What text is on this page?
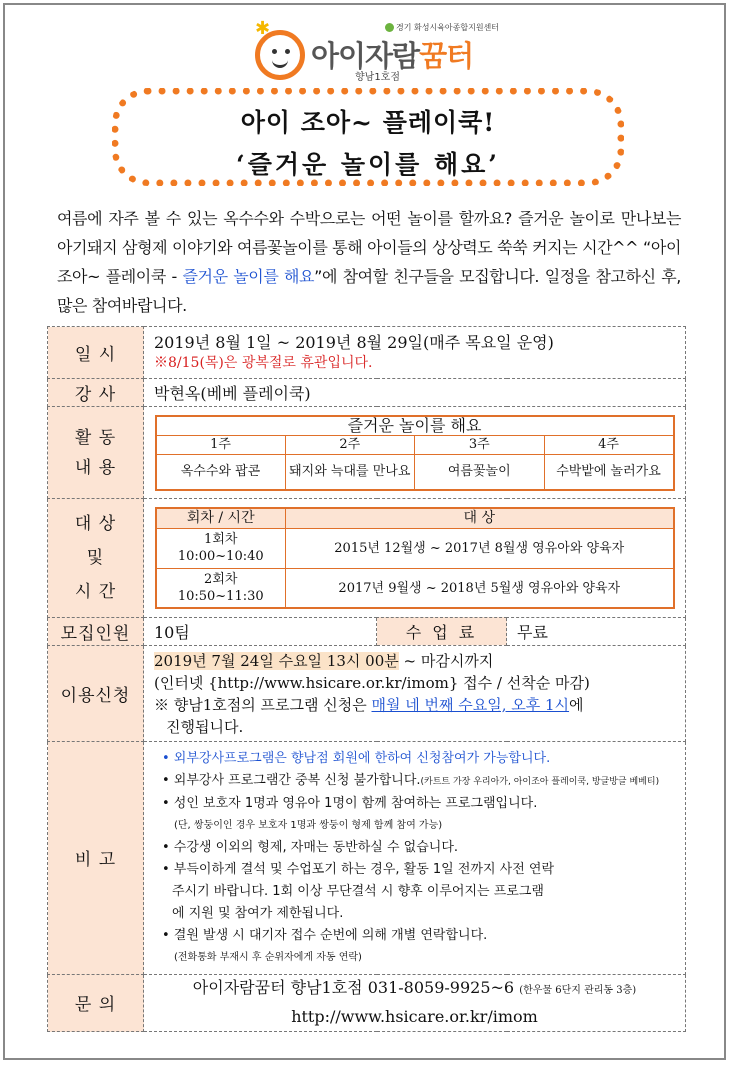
✱	경기 화성시육아종합지원센터
아이자람꿈터
향남1호점
아이 조아~ 플레이쿡!
‘즐거운 놀이를 해요’
여름에 자주 볼 수 있는 옥수수와 수박으로는 어떤 놀이를 할까요? 즐거운 놀이로 만나보는 아기돼지 삼형제 이야기와 여름꽃놀이를 통해 아이들의 상상력도 쑥쑥 커지는 시간^^ “아이 조아~ 플레이쿡 - 즐거운 놀이를 해요”에 참여할 친구들을 모집합니다. 일정을 참고하신 후, 많은 참여바랍니다.
일 시	
2019년 8월 1일 ~ 2019년 8월 29일(매주 목요일 운영)
※8/15(목)은 광복절로 휴관입니다.

강 사	박현옥(베베 플레이쿡)

활 동
내 용

즐거운 놀이를 해요
1주	2주	3주	4주
옥수수와 팝콘	돼지와 늑대를 만나요	여름꽃놀이	수박밭에 놀러가요

대 상
및
시 간

회차 / 시간	대 상

1회차
10:00~10:40
	2015년 12월생 ~ 2017년 8월생 영유아와 양육자

2회차
10:50~11:30
	2017년 9월생 ~ 2018년 5월생 영유아와 양육자

모집인원	10팀	수 업 료	무료

이용신청	
2019년 7월 24일 수요일 13시 00분 ~ 마감시까지
(인터넷 {http://www.hsicare.or.kr/imom} 접수 / 선착순 마감)
※ 향남1호점의 프로그램 신청은 매월 네 번째 수요일, 오후 1시에
진행됩니다.

비 고	
• 외부강사프로그램은 향남점 회원에 한하여 신청참여가 가능합니다.
• 외부강사 프로그램간 중복 신청 불가합니다.(카트트 가장 우리아가, 아이조아 플레이쿡, 방글방글 베베티)
• 성인 보호자 1명과 영유아 1명이 함께 참여하는 프로그램입니다.
(단, 쌍둥이인 경우 보호자 1명과 쌍둥이 형제 함께 참여 가능)
• 수강생 이외의 형제, 자매는 동반하실 수 없습니다.
• 부득이하게 결석 및 수업포기 하는 경우, 활동 1일 전까지 사전 연락
주시기 바랍니다. 1회 이상 무단결석 시 향후 이루어지는 프로그램
에 지원 및 참여가 제한됩니다.
• 결원 발생 시 대기자 접수 순번에 의해 개별 연락합니다.
(전화통화 부재시 후 순위자에게 자동 연락)

문 의	
아이자람꿈터 향남1호점 031-8059-9925~6 (한우물 6단지 관리동 3층)
http://www.hsicare.or.kr/imom
